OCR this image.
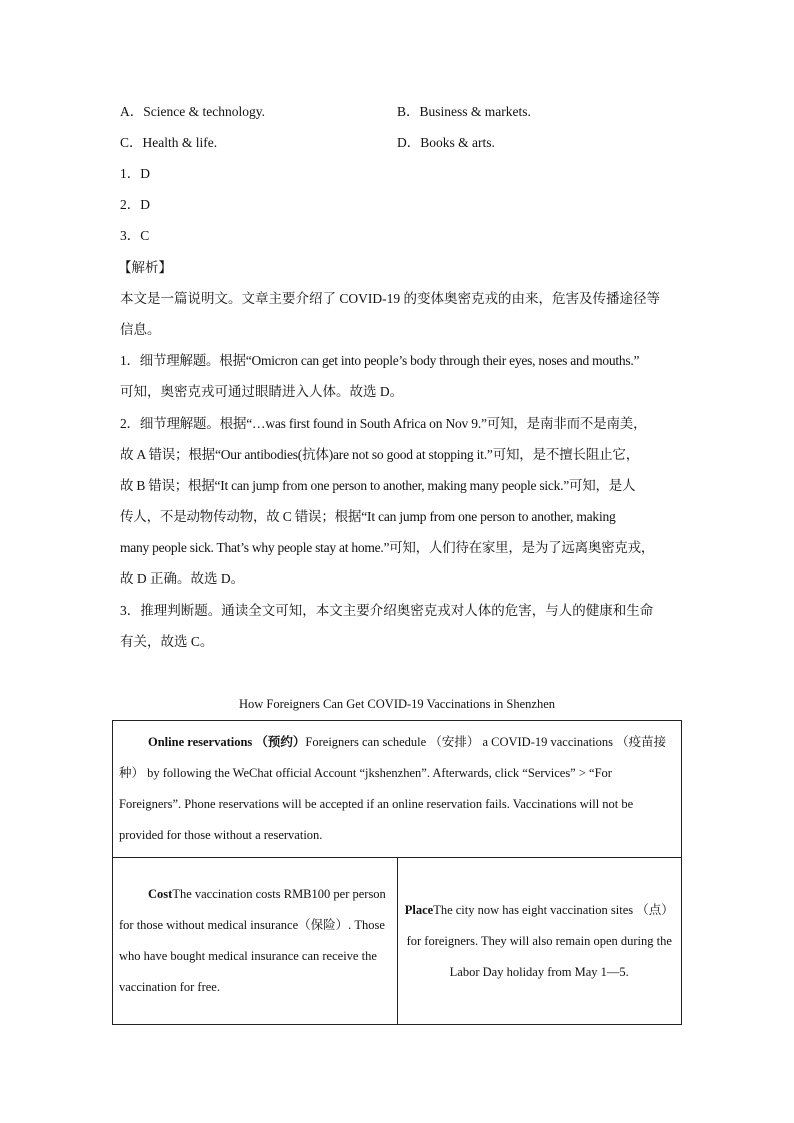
A．Science & technology.	B．Business & markets.
C．Health & life.	D．Books & arts.
1．D
2．D
3．C
【解析】
本文是一篇说明文。文章主要介绍了 COVID-19 的变体奥密克戎的由来，危害及传播途径等
信息。
1．细节理解题。根据“Omicron can get into people’s body through their eyes, noses and mouths.”
可知，奥密克戎可通过眼睛进入人体。故选 D。
2．细节理解题。根据“…was first found in South Africa on Nov 9.”可知，是南非而不是南美，
故 A 错误；根据“Our antibodies(抗体)are not so good at stopping it.”可知，是不擅长阻止它，
故 B 错误；根据“It can jump from one person to another, making many people sick.”可知，是人
传人，不是动物传动物，故 C 错误；根据“It can jump from one person to another, making
many people sick. That’s why people stay at home.”可知，人们待在家里，是为了远离奥密克戎，
故 D 正确。故选 D。
3．推理判断题。通读全文可知，本文主要介绍奥密克戎对人体的危害，与人的健康和生命
有关，故选 C。
How Foreigners Can Get COVID-19 Vaccinations in Shenzhen
Online reservations （预约）Foreigners can schedule （安排） a COVID-19 vaccinations （疫苗接种） by following the WeChat official Account “jkshenzhen”. Afterwards, click “Services” > “For Foreigners”. Phone reservations will be accepted if an online reservation fails. Vaccinations will not be provided for those without a reservation.
CostThe vaccination costs RMB100 per person for those without medical insurance（保险）. Those who have bought medical insurance can receive the vaccination for free.	PlaceThe city now has eight vaccination sites （点） for foreigners. They will also remain open during the Labor Day holiday from May 1—5.
